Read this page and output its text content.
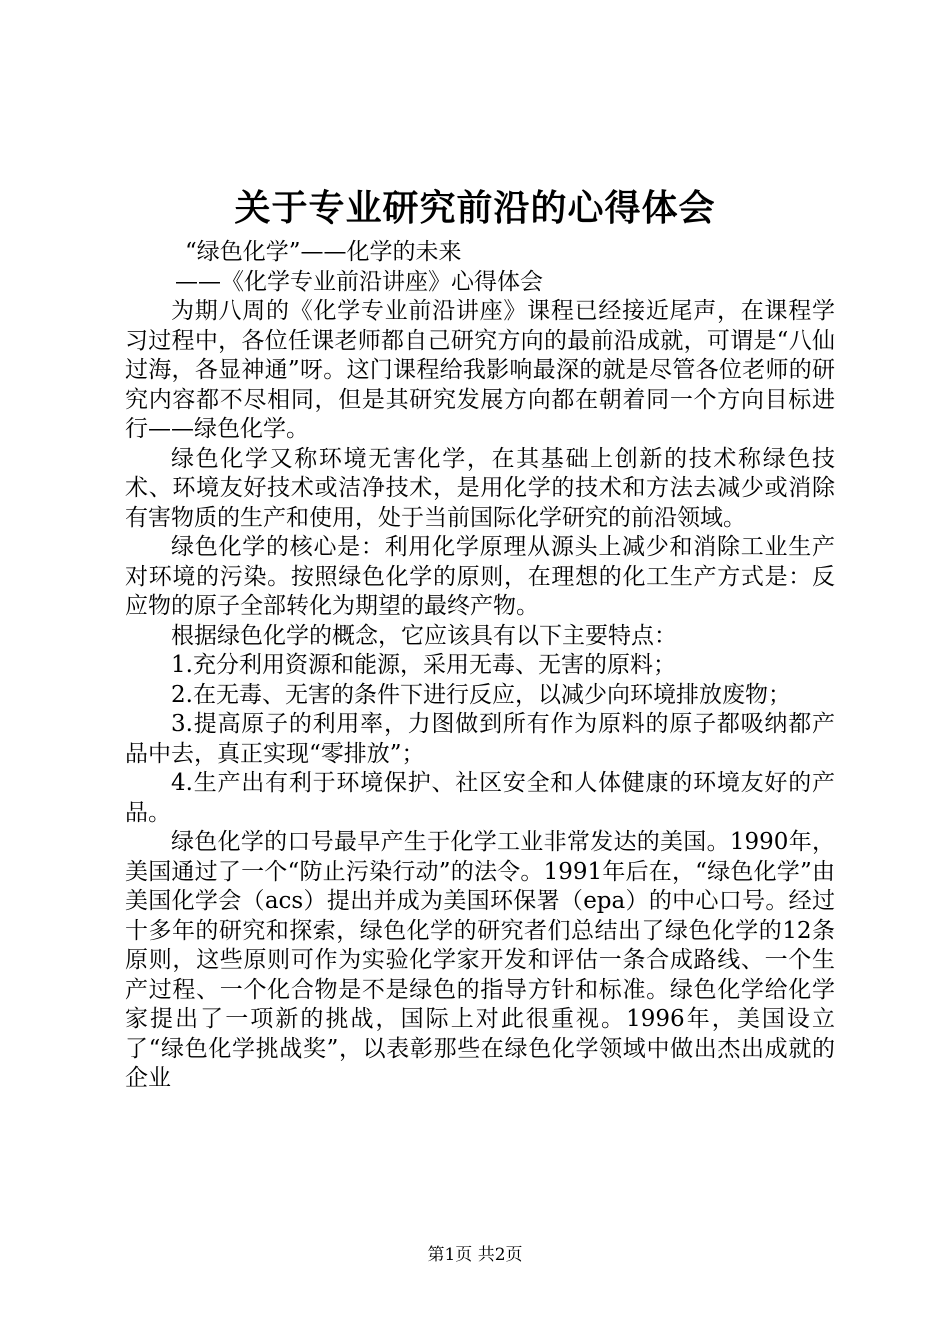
关于专业研究前沿的心得体会

“绿色化学”——化学的未来

——《化学专业前沿讲座》心得体会

为期八周的《化学专业前沿讲座》课程已经接近尾声，在课程学习过程中，各位任课老师都自己研究方向的最前沿成就，可谓是“八仙过海，各显神通”呀。这门课程给我影响最深的就是尽管各位老师的研究内容都不尽相同，但是其研究发展方向都在朝着同一个方向目标进行——绿色化学。

绿色化学又称环境无害化学，在其基础上创新的技术称绿色技术、环境友好技术或洁净技术，是用化学的技术和方法去减少或消除有害物质的生产和使用，处于当前国际化学研究的前沿领域。

绿色化学的核心是：利用化学原理从源头上减少和消除工业生产对环境的污染。按照绿色化学的原则，在理想的化工生产方式是：反应物的原子全部转化为期望的最终产物。

根据绿色化学的概念，它应该具有以下主要特点：

1.充分利用资源和能源，采用无毒、无害的原料；

2.在无毒、无害的条件下进行反应，以减少向环境排放废物；

3.提高原子的利用率，力图做到所有作为原料的原子都吸纳都产品中去，真正实现“零排放”；

4.生产出有利于环境保护、社区安全和人体健康的环境友好的产品。

绿色化学的口号最早产生于化学工业非常发达的美国。1990年，美国通过了一个“防止污染行动”的法令。1991年后在，“绿色化学”由美国化学会（acs）提出并成为美国环保署（epa）的中心口号。经过十多年的研究和探索，绿色化学的研究者们总结出了绿色化学的12条原则，这些原则可作为实验化学家开发和评估一条合成路线、一个生产过程、一个化合物是不是绿色的指导方针和标准。绿色化学给化学家提出了一项新的挑战，国际上对此很重视。1996年，美国设立了“绿色化学挑战奖”，以表彰那些在绿色化学领域中做出杰出成就的企业

第1页 共2页
